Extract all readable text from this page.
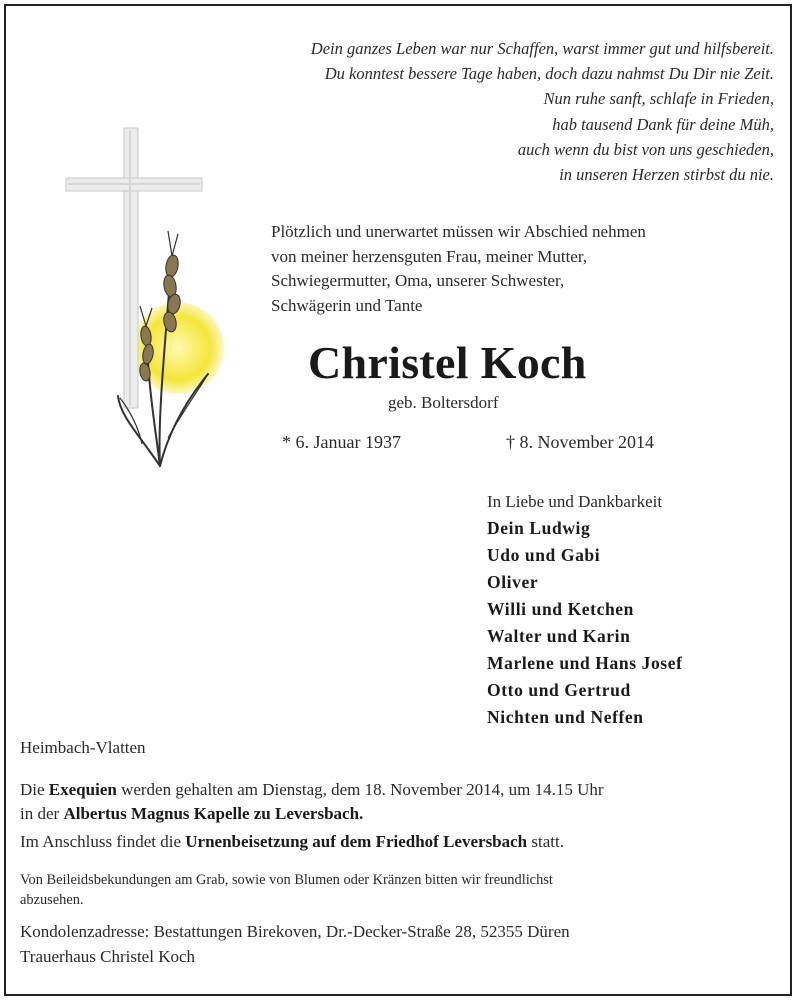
Dein ganzes Leben war nur Schaffen, warst immer gut und hilfsbereit.
Du konntest bessere Tage haben, doch dazu nahmst Du Dir nie Zeit.
Nun ruhe sanft, schlafe in Frieden,
hab tausend Dank für deine Müh,
auch wenn du bist von uns geschieden,
in unseren Herzen stirbst du nie.
Plötzlich und unerwartet müssen wir Abschied nehmen
von meiner herzensguten Frau, meiner Mutter,
Schwiegermutter, Oma, unserer Schwester,
Schwägerin und Tante
Christel Koch
geb. Boltersdorf
* 6. Januar 1937	† 8. November 2014
In Liebe und Dankbarkeit
Dein Ludwig
Udo und Gabi
Oliver
Willi und Ketchen
Walter und Karin
Marlene und Hans Josef
Otto und Gertrud
Nichten und Neffen
Heimbach-Vlatten
Die Exequien werden gehalten am Dienstag, dem 18. November 2014, um 14.15 Uhr
in der Albertus Magnus Kapelle zu Leversbach.
Im Anschluss findet die Urnenbeisetzung auf dem Friedhof Leversbach statt.
Von Beileidsbekundungen am Grab, sowie von Blumen oder Kränzen bitten wir freundlichst
abzusehen.
Kondolenzadresse: Bestattungen Birekoven, Dr.-Decker-Straße 28, 52355 Düren
Trauerhaus Christel Koch
